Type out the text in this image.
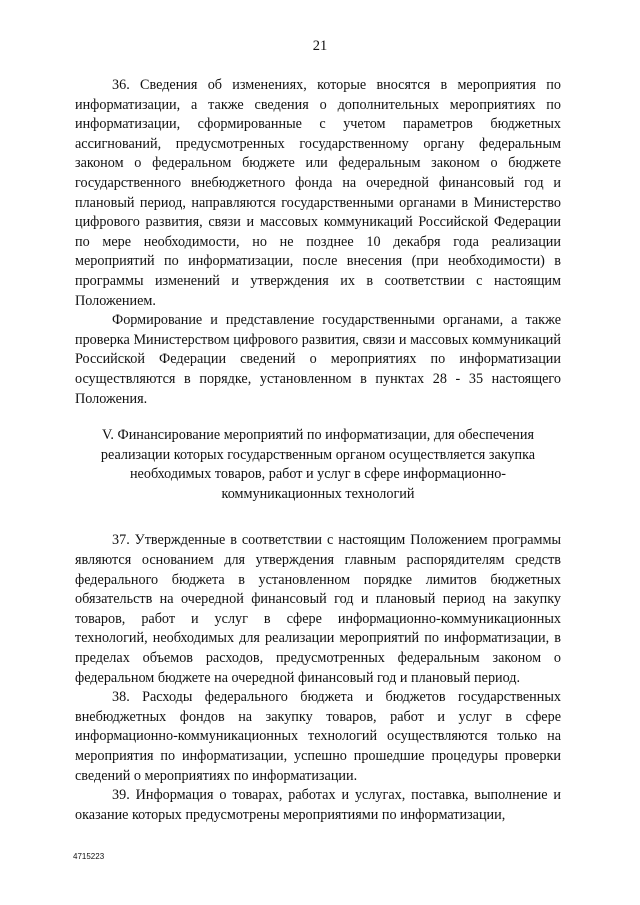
21

36. Сведения об изменениях, которые вносятся в мероприятия по информатизации, а также сведения о дополнительных мероприятиях по информатизации, сформированные с учетом параметров бюджетных ассигнований, предусмотренных государственному органу федеральным законом о федеральном бюджете или федеральным законом о бюджете государственного внебюджетного фонда на очередной финансовый год и плановый период, направляются государственными органами в Министерство цифрового развития, связи и массовых коммуникаций Российской Федерации по мере необходимости, но не позднее 10 декабря года реализации мероприятий по информатизации, после внесения (при необходимости) в программы изменений и утверждения их в соответствии с настоящим Положением.

Формирование и представление государственными органами, а также проверка Министерством цифрового развития, связи и массовых коммуникаций Российской Федерации сведений о мероприятиях по информатизации осуществляются в порядке, установленном в пунктах 28 - 35 настоящего Положения.

V. Финансирование мероприятий по информатизации, для обеспечения
реализации которых государственным органом осуществляется закупка
необходимых товаров, работ и услуг в сфере информационно-
коммуникационных технологий

37. Утвержденные в соответствии с настоящим Положением программы являются основанием для утверждения главным распорядителям средств федерального бюджета в установленном порядке лимитов бюджетных обязательств на очередной финансовый год и плановый период на закупку товаров, работ и услуг в сфере информационно-коммуникационных технологий, необходимых для реализации мероприятий по информатизации, в пределах объемов расходов, предусмотренных федеральным законом о федеральном бюджете на очередной финансовый год и плановый период.

38. Расходы федерального бюджета и бюджетов государственных внебюджетных фондов на закупку товаров, работ и услуг в сфере информационно-коммуникационных технологий осуществляются только на мероприятия по информатизации, успешно прошедшие процедуры проверки сведений о мероприятиях по информатизации.

39. Информация о товарах, работах и услугах, поставка, выполнение и оказание которых предусмотрены мероприятиями по информатизации,

4715223
